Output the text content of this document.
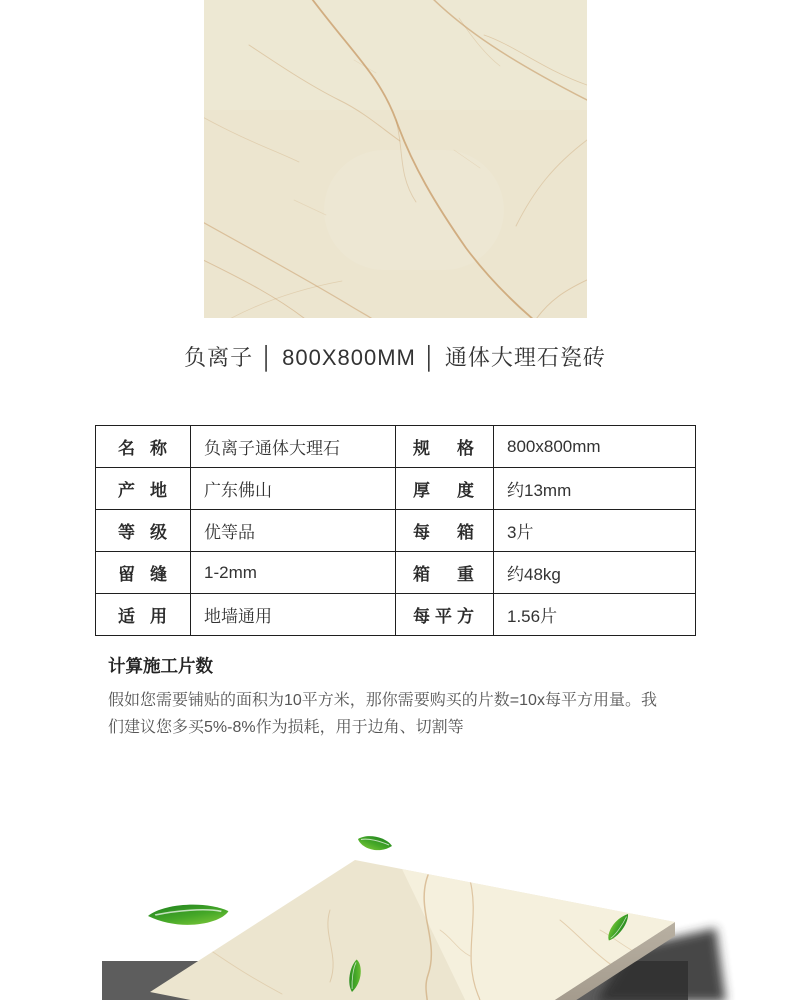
负离子 │ 800X800MM │ 通体大理石瓷砖
名称	负离子通体大理石	规格	800x800mm
产地	广东佛山	厚度	约13mm
等级	优等品	每箱	3片
留缝	1-2mm	箱重	约48kg
适用	地墙通用	每平方	1.56片

计算施工片数

假如您需要铺贴的面积为10平方米，那你需要购买的片数=10x每平方用量。我们建议您多买5%-8%作为损耗，用于边角、切割等
